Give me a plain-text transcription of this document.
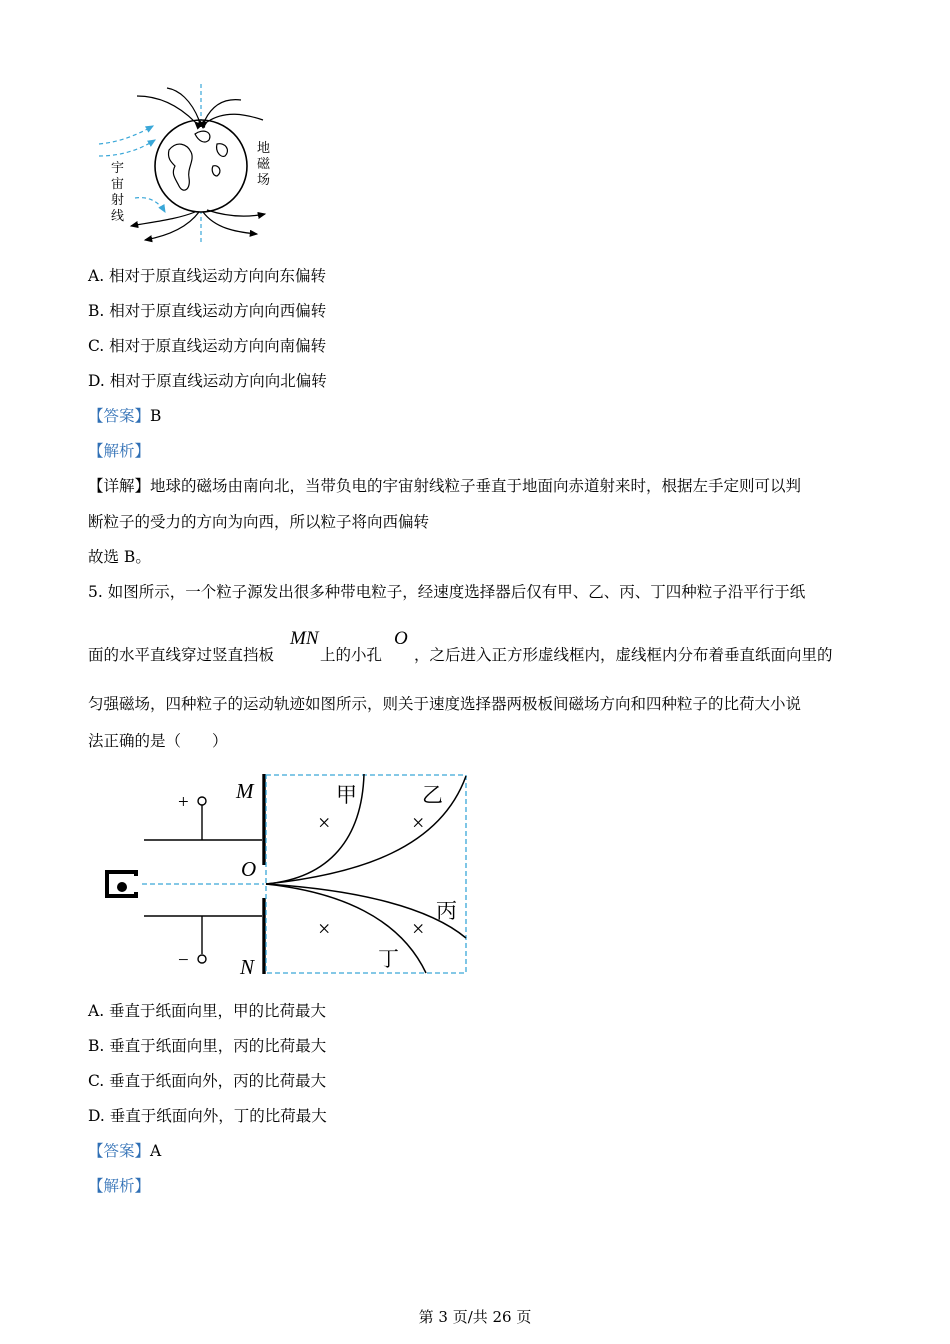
宇
宙
射
线
地
磁
场
A. 相对于原直线运动方向向东偏转
B. 相对于原直线运动方向向西偏转
C. 相对于原直线运动方向向南偏转
D. 相对于原直线运动方向向北偏转
【答案】B
【解析】
【详解】地球的磁场由南向北，当带负电的宇宙射线粒子垂直于地面向赤道射来时，根据左手定则可以判
断粒子的受力的方向为向西，所以粒子将向西偏转
故选 B。
5. 如图所示，一个粒子源发出很多种带电粒子，经速度选择器后仅有甲、乙、丙、丁四种粒子沿平行于纸
面的水平直线穿过竖直挡板	上的小孔 ，之后进入正方形虚线框内，虚线框内分布着垂直纸面向里的
MN	O
匀强磁场，四种粒子的运动轨迹如图所示，则关于速度选择器两极板间磁场方向和四种粒子的比荷大小说
法正确的是（　　）
+
−
M
O
N
×	×
×	×
甲	乙
丙
丁
A. 垂直于纸面向里，甲的比荷最大
B. 垂直于纸面向里，丙的比荷最大
C. 垂直于纸面向外，丙的比荷最大
D. 垂直于纸面向外，丁的比荷最大
【答案】A
【解析】
第 3 页/共 26 页
